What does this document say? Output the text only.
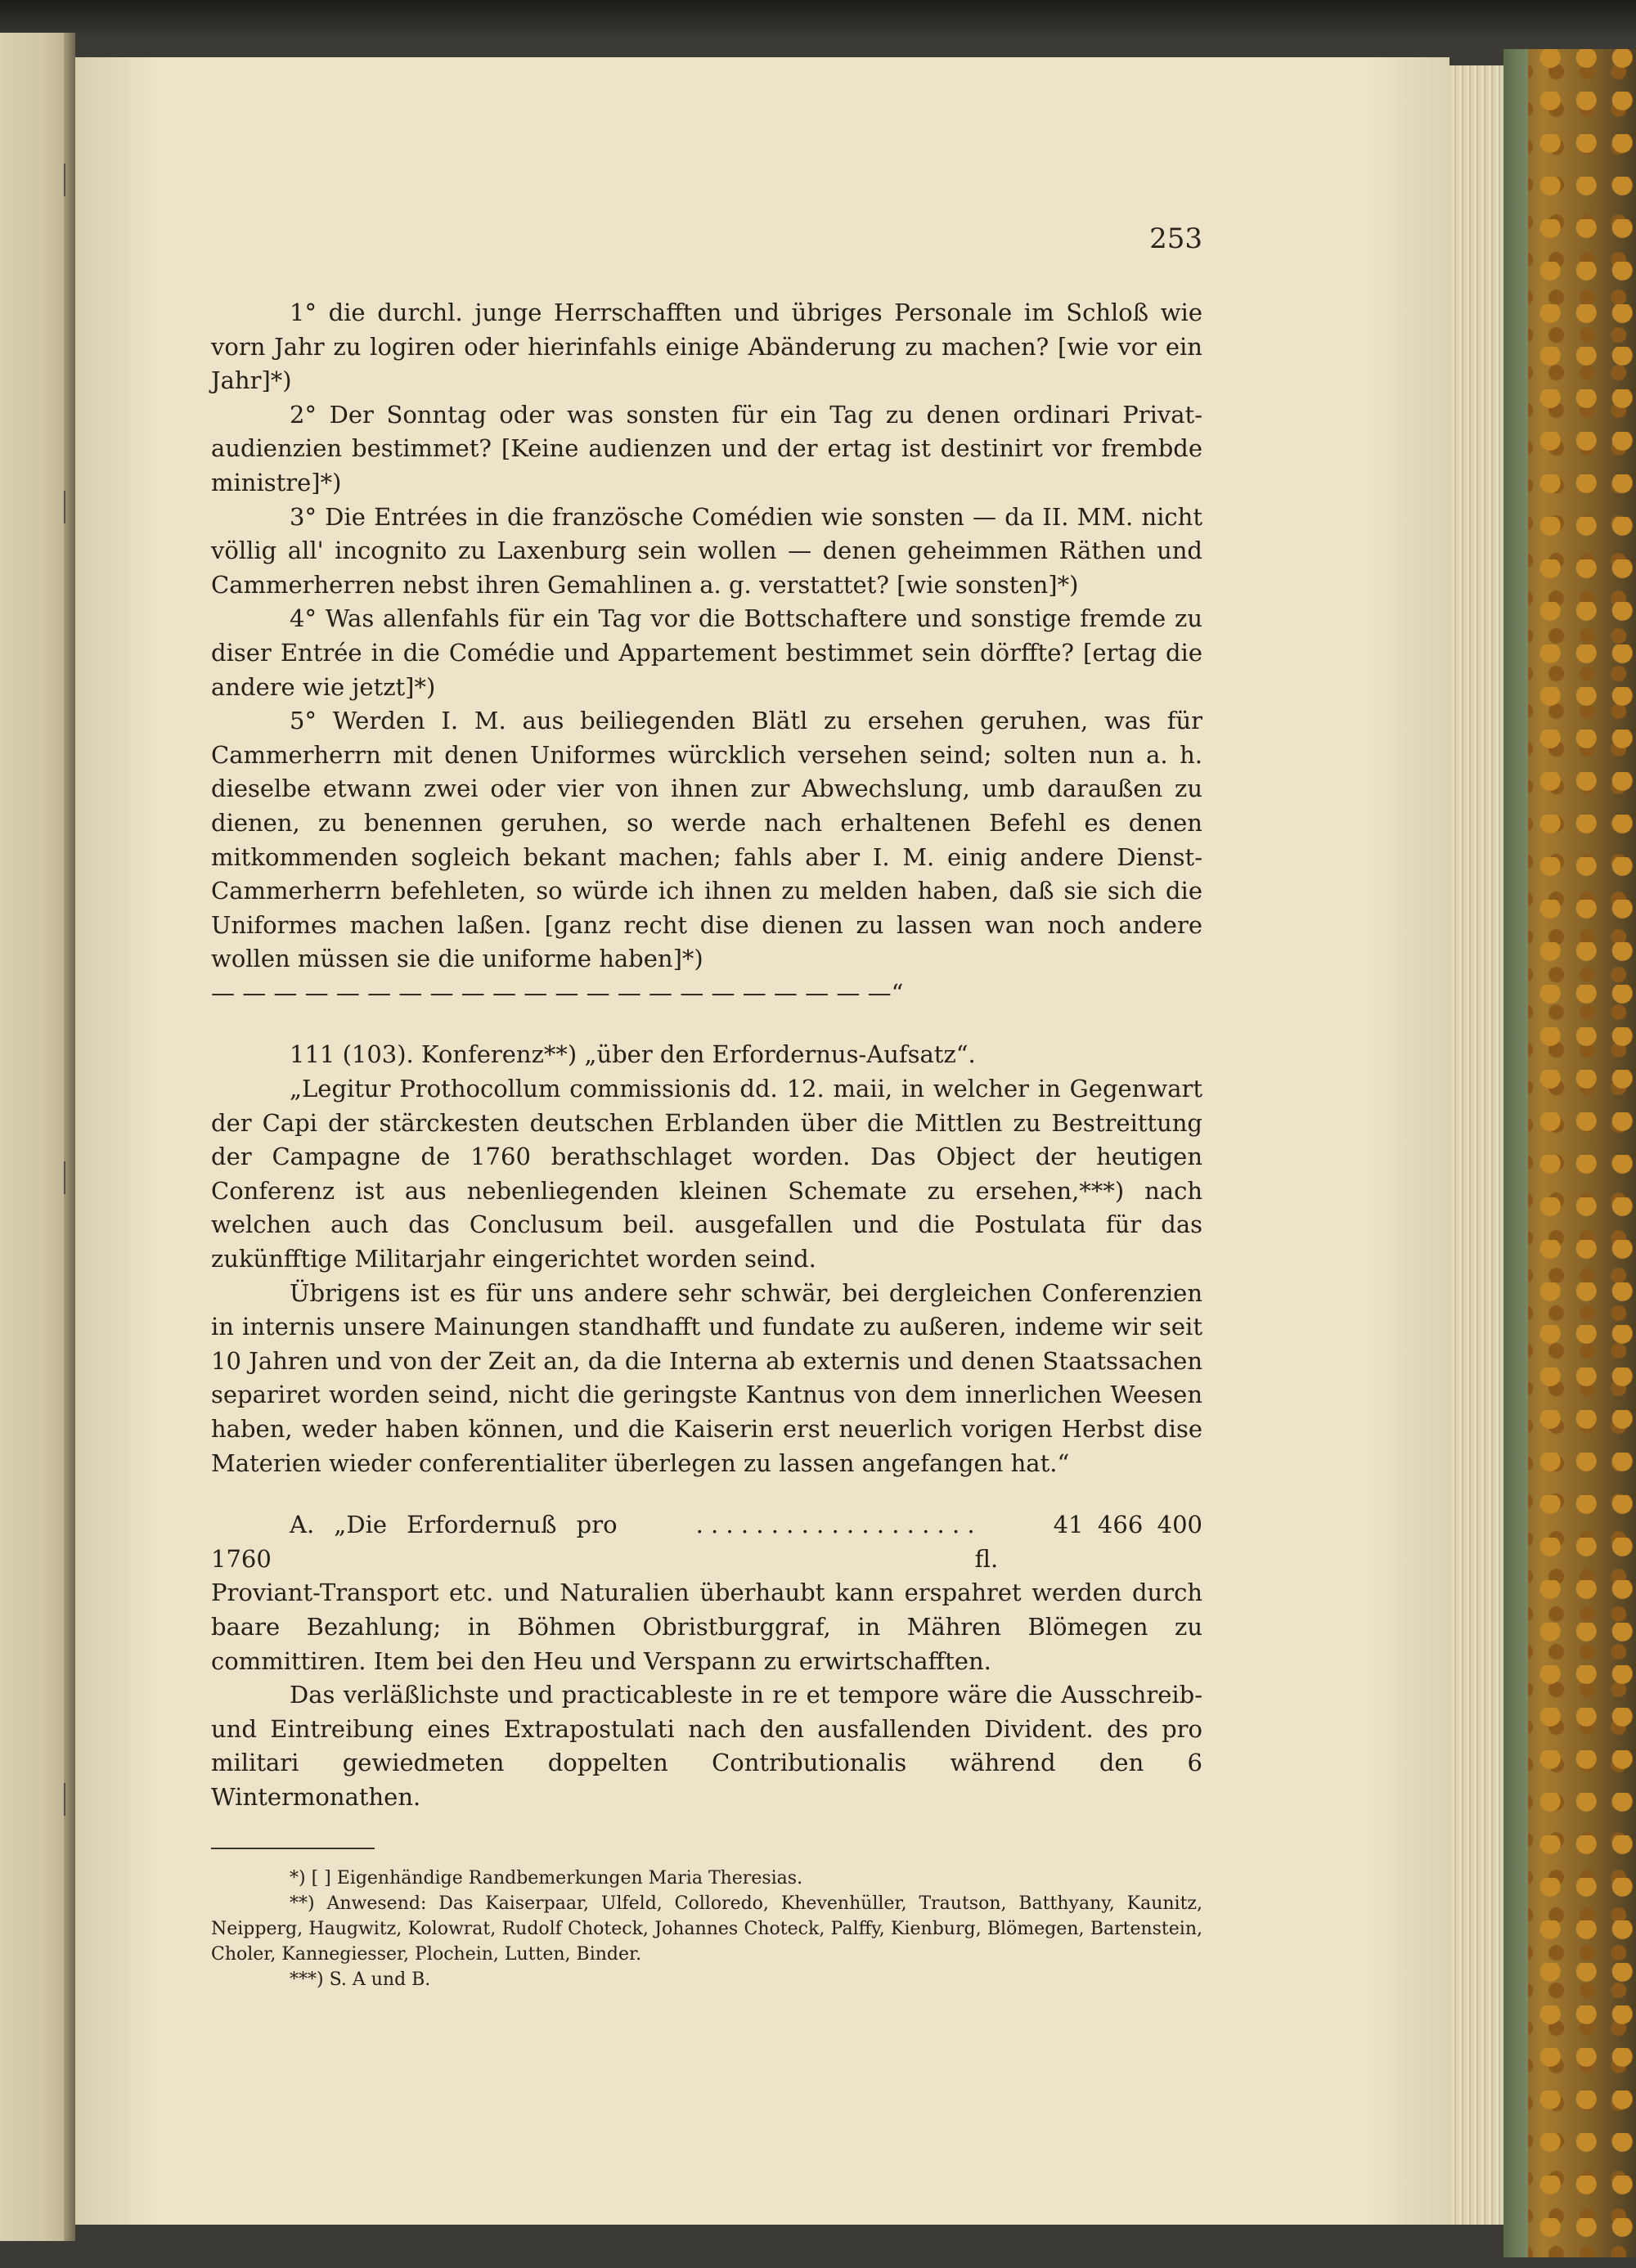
253

1° die durchl. junge Herrschafften und übriges Personale im Schloß wie vorn Jahr zu logiren oder hierinfahls einige Abänderung zu machen? [wie vor ein Jahr]*)

2° Der Sonntag oder was sonsten für ein Tag zu denen ordinari Privat-audienzien bestimmet? [Keine audienzen und der ertag ist destinirt vor frembde ministre]*)

3° Die Entrées in die französche Comédien wie sonsten — da II. MM. nicht völlig all' incognito zu Laxenburg sein wollen — denen geheimmen Räthen und Cammerherren nebst ihren Gemahlinen a. g. verstattet? [wie sonsten]*)

4° Was allenfahls für ein Tag vor die Bottschaftere und sonstige fremde zu diser Entrée in die Comédie und Appartement bestimmet sein dörffte? [ertag die andere wie jetzt]*)

5° Werden I. M. aus beiliegenden Blätl zu ersehen geruhen, was für Cammerherrn mit denen Uniformes würcklich versehen seind; solten nun a. h. dieselbe etwann zwei oder vier von ihnen zur Abwechslung, umb daraußen zu dienen, zu benennen geruhen, so werde nach erhaltenen Befehl es denen mitkommenden sogleich bekant machen; fahls aber I. M. einig andere Dienst-Cammerherrn befehleten, so würde ich ihnen zu melden haben, daß sie sich die Uniformes machen laßen. [ganz recht dise dienen zu lassen wan noch andere wollen müssen sie die uniforme haben]*)

— — — — — — — — — — — — — — — — — — — — — —“

111 (103). Konferenz**) „über den Erfordernus-Aufsatz“.

„Legitur Prothocollum commissionis dd. 12. maii, in welcher in Gegenwart der Capi der stärckesten deutschen Erblanden über die Mittlen zu Bestreittung der Campagne de 1760 berathschlaget worden. Das Object der heutigen Conferenz ist aus nebenliegenden kleinen Schemate zu ersehen,***) nach welchen auch das Conclusum beil. ausgefallen und die Postulata für das zukünfftige Militarjahr eingerichtet worden seind.

Übrigens ist es für uns andere sehr schwär, bei dergleichen Conferenzien in internis unsere Mainungen standhafft und fundate zu außeren, indeme wir seit 10 Jahren und von der Zeit an, da die Interna ab externis und denen Staatssachen separiret worden seind, nicht die geringste Kantnus von dem innerlichen Weesen haben, weder haben können, und die Kaiserin erst neuerlich vorigen Herbst dise Materien wieder conferentialiter überlegen zu lassen angefangen hat.“

A. „Die Erfordernuß pro 1760
. . . . . . . . . . . . . . . . . . .	41 466 400 fl.

Proviant-Transport etc. und Naturalien überhaubt kann erspahret werden durch baare Bezahlung; in Böhmen Obristburggraf, in Mähren Blömegen zu committiren. Item bei den Heu und Verspann zu erwirtschafften.

Das verläßlichste und practicableste in re et tempore wäre die Ausschreib- und Eintreibung eines Extrapostulati nach den ausfallenden Divident. des pro militari gewiedmeten doppelten Contributionalis während den 6 Wintermonathen.

*) [ ] Eigenhändige Randbemerkungen Maria Theresias.

**) Anwesend: Das Kaiserpaar, Ulfeld, Colloredo, Khevenhüller, Trautson, Batthyany, Kaunitz, Neipperg, Haugwitz, Kolowrat, Rudolf Choteck, Johannes Choteck, Palffy, Kienburg, Blömegen, Bartenstein, Choler, Kannegiesser, Plochein, Lutten, Binder.

***) S. A und B.
